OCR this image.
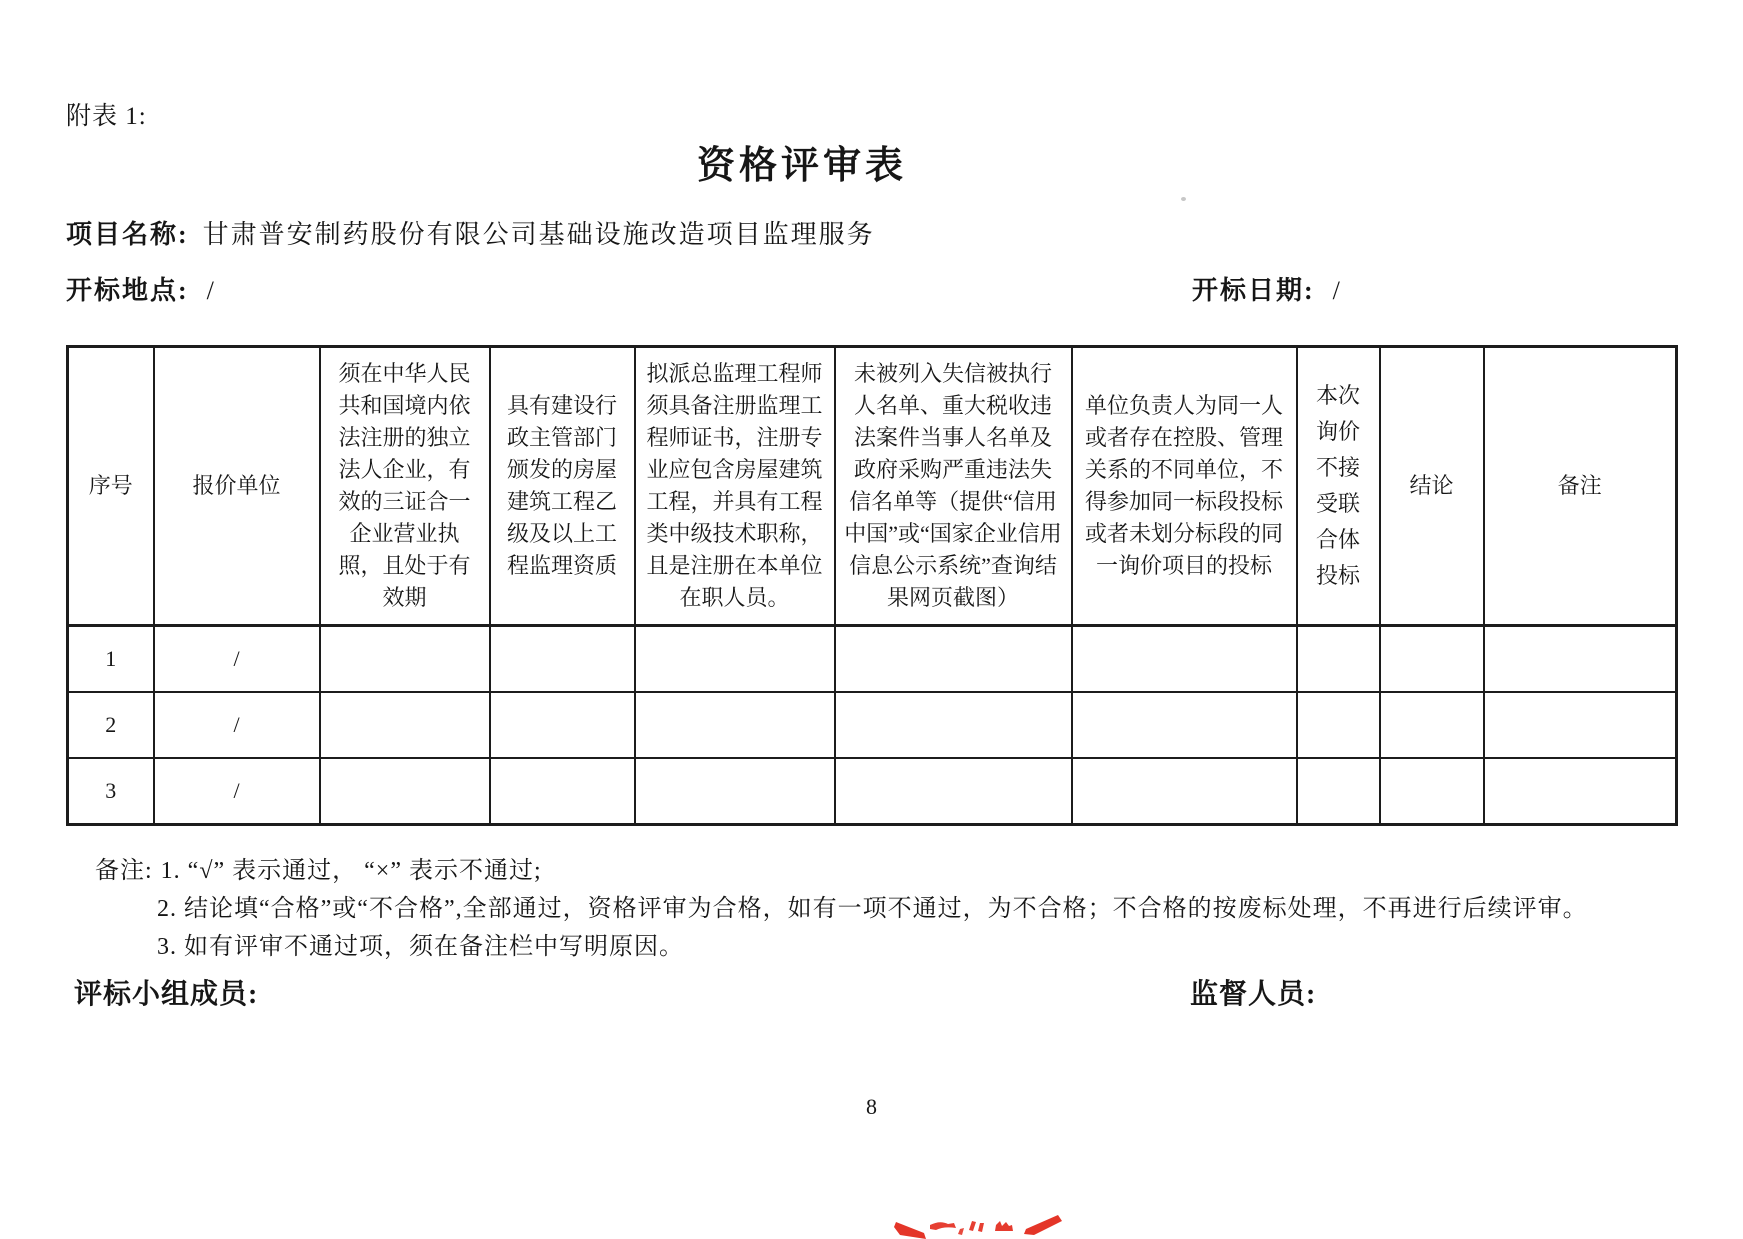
附表 1:
资格评审表
项目名称: 甘肃普安制药股份有限公司基础设施改造项目监理服务
开标地点: /	开标日期: /
序号	报价单位	须在中华人民共和国境内依法注册的独立法人企业，有效的三证合一企业营业执照，且处于有效期	具有建设行政主管部门颁发的房屋建筑工程乙级及以上工程监理资质	拟派总监理工程师须具备注册监理工程师证书，注册专业应包含房屋建筑工程，并具有工程类中级技术职称，且是注册在本单位在职人员。	未被列入失信被执行人名单、重大税收违法案件当事人名单及政府采购严重违法失信名单等（提供“信用中国”或“国家企业信用信息公示系统”查询结果网页截图）	单位负责人为同一人或者存在控股、管理关系的不同单位，不得参加同一标段投标或者未划分标段的同一询价项目的投标	本次询价不接受联合体投标	结论	备注
1	/								
2	/								
3	/								
备注: 1. “√” 表示通过， “×” 表示不通过;
2. 结论填“合格”或“不合格”,全部通过，资格评审为合格，如有一项不通过，为不合格；不合格的按废标处理，不再进行后续评审。
3. 如有评审不通过项，须在备注栏中写明原因。
评标小组成员:	监督人员:
8
